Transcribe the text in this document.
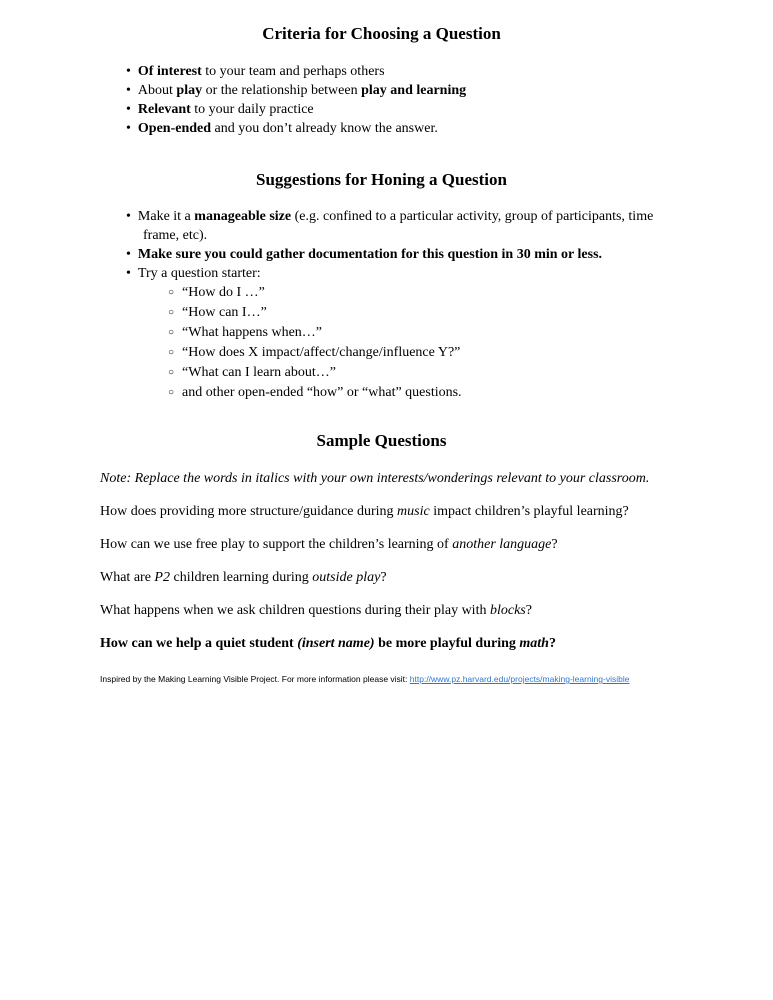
Criteria for Choosing a Question
• Of interest to your team and perhaps others
• About play or the relationship between play and learning
• Relevant to your daily practice
• Open-ended and you don’t already know the answer.
Suggestions for Honing a Question
• Make it a manageable size (e.g. confined to a particular activity, group of participants, time frame, etc).
• Make sure you could gather documentation for this question in 30 min or less.
• Try a question starter:
○ “How do I …”
○ “How can I…”
○ “What happens when…”
○ “How does X impact/affect/change/influence Y?”
○ “What can I learn about…”
○ and other open-ended “how” or “what” questions.
Sample Questions

Note: Replace the words in italics with your own interests/wonderings relevant to your classroom.

How does providing more structure/guidance during music impact children’s playful learning?
How can we use free play to support the children’s learning of another language?
What are P2 children learning during outside play?
What happens when we ask children questions during their play with blocks?
How can we help a quiet student (insert name) be more playful during math?

Inspired by the Making Learning Visible Project. For more information please visit: http://www.pz.harvard.edu/projects/making-learning-visible
